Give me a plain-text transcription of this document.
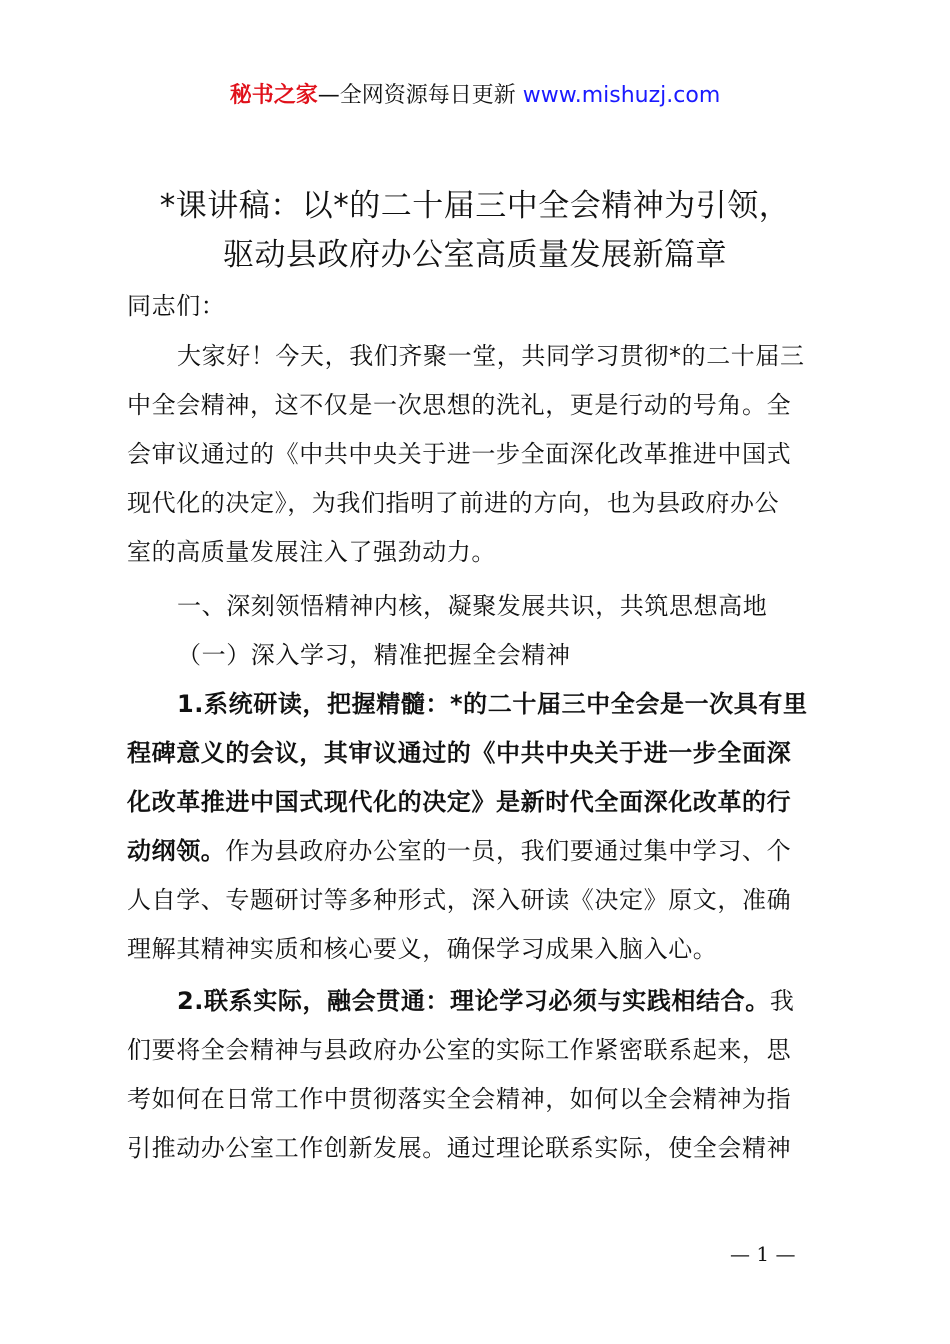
秘书之家—全网资源每日更新 www.mishuzj.com
*课讲稿：以*的二十届三中全会精神为引领，
驱动县政府办公室高质量发展新篇章
同志们：
大家好！今天，我们齐聚一堂，共同学习贯彻*的二十届三
中全会精神，这不仅是一次思想的洗礼，更是行动的号角。全
会审议通过的《中共中央关于进一步全面深化改革推进中国式
现代化的决定》，为我们指明了前进的方向，也为县政府办公
室的高质量发展注入了强劲动力。
一、深刻领悟精神内核，凝聚发展共识，共筑思想高地
（一）深入学习，精准把握全会精神
1.系统研读，把握精髓：*的二十届三中全会是一次具有里
程碑意义的会议，其审议通过的《中共中央关于进一步全面深
化改革推进中国式现代化的决定》是新时代全面深化改革的行
动纲领。作为县政府办公室的一员，我们要通过集中学习、个
人自学、专题研讨等多种形式，深入研读《决定》原文，准确
理解其精神实质和核心要义，确保学习成果入脑入心。
2.联系实际，融会贯通：理论学习必须与实践相结合。我
们要将全会精神与县政府办公室的实际工作紧密联系起来，思
考如何在日常工作中贯彻落实全会精神，如何以全会精神为指
引推动办公室工作创新发展。通过理论联系实际，使全会精神
— 1 —
